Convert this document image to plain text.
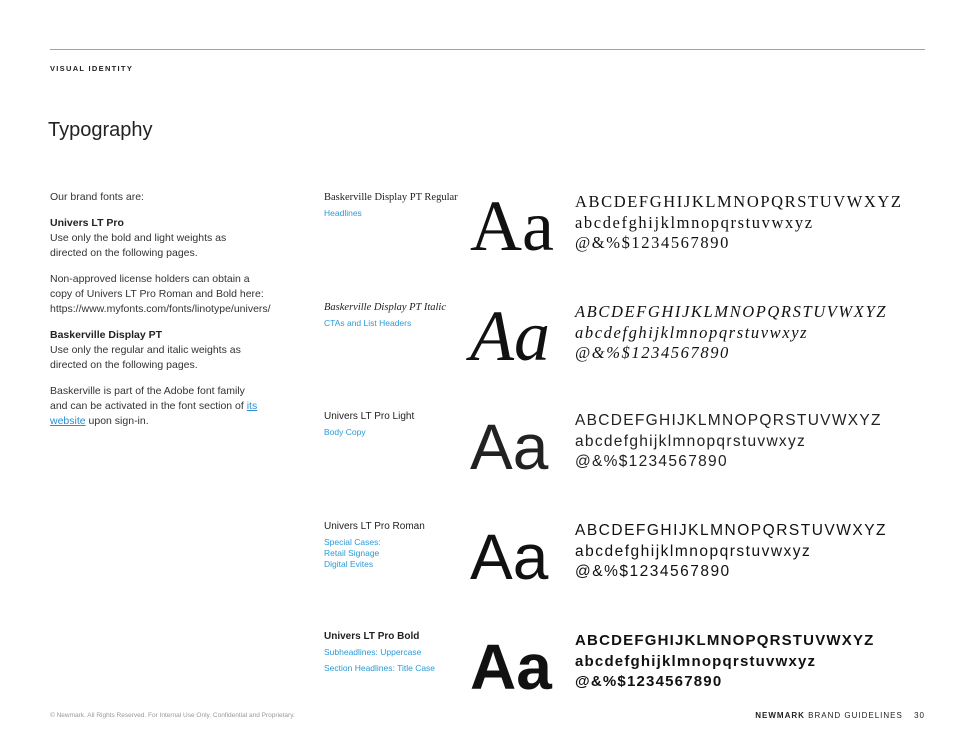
VISUAL IDENTITY
Typography

Our brand fonts are:

Univers LT Pro
Use only the bold and light weights as directed on the following pages.

Non-approved license holders can obtain a copy of Univers LT Pro Roman and Bold here: https://www.myfonts.com/fonts/linotype/univers/

Baskerville Display PT
Use only the regular and italic weights as directed on the following pages.

Baskerville is part of the Adobe font family and can be activated in the font section of its website upon sign-in.

Baskerville Display PT Regular
Headlines Aa ABCDEFGHIJKLMNOPQRSTUVWXYZ
abcdefghijklmnopqrstuvwxyz
@&%$1234567890
Baskerville Display PT Italic
CTAs and List Headers Aa ABCDEFGHIJKLMNOPQRSTUVWXYZ
abcdefghijklmnopqrstuvwxyz
@&%$1234567890
Univers LT Pro Light
Body Copy Aa ABCDEFGHIJKLMNOPQRSTUVWXYZ
abcdefghijklmnopqrstuvwxyz
@&%$1234567890
Univers LT Pro Roman
Special Cases:
Retail Signage
Digital Evites Aa ABCDEFGHIJKLMNOPQRSTUVWXYZ
abcdefghijklmnopqrstuvwxyz
@&%$1234567890
Univers LT Pro Bold
Subheadlines: Uppercase
Section Headlines: Title Case Aa ABCDEFGHIJKLMNOPQRSTUVWXYZ
abcdefghijklmnopqrstuvwxyz
@&%$1234567890
© Newmark. All Rights Reserved. For Internal Use Only. Confidential and Proprietary.	NEWMARK BRAND GUIDELINES 30
